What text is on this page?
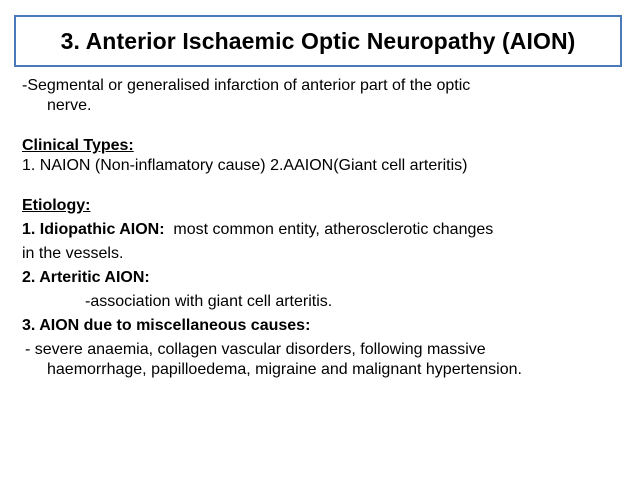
3. Anterior Ischaemic Optic Neuropathy (AION)
-Segmental or generalised infarction of anterior part of the optic
nerve.
Clinical Types:
1. NAION (Non-inflamatory cause) 2.AAION(Giant cell arteritis)
Etiology:
1. Idiopathic AION:  most common entity, atherosclerotic changes
in the vessels.
2. Arteritic AION:
-association with giant cell arteritis.
3. AION due to miscellaneous causes:
- severe anaemia, collagen vascular disorders, following massive
haemorrhage, papilloedema, migraine and malignant hypertension.
